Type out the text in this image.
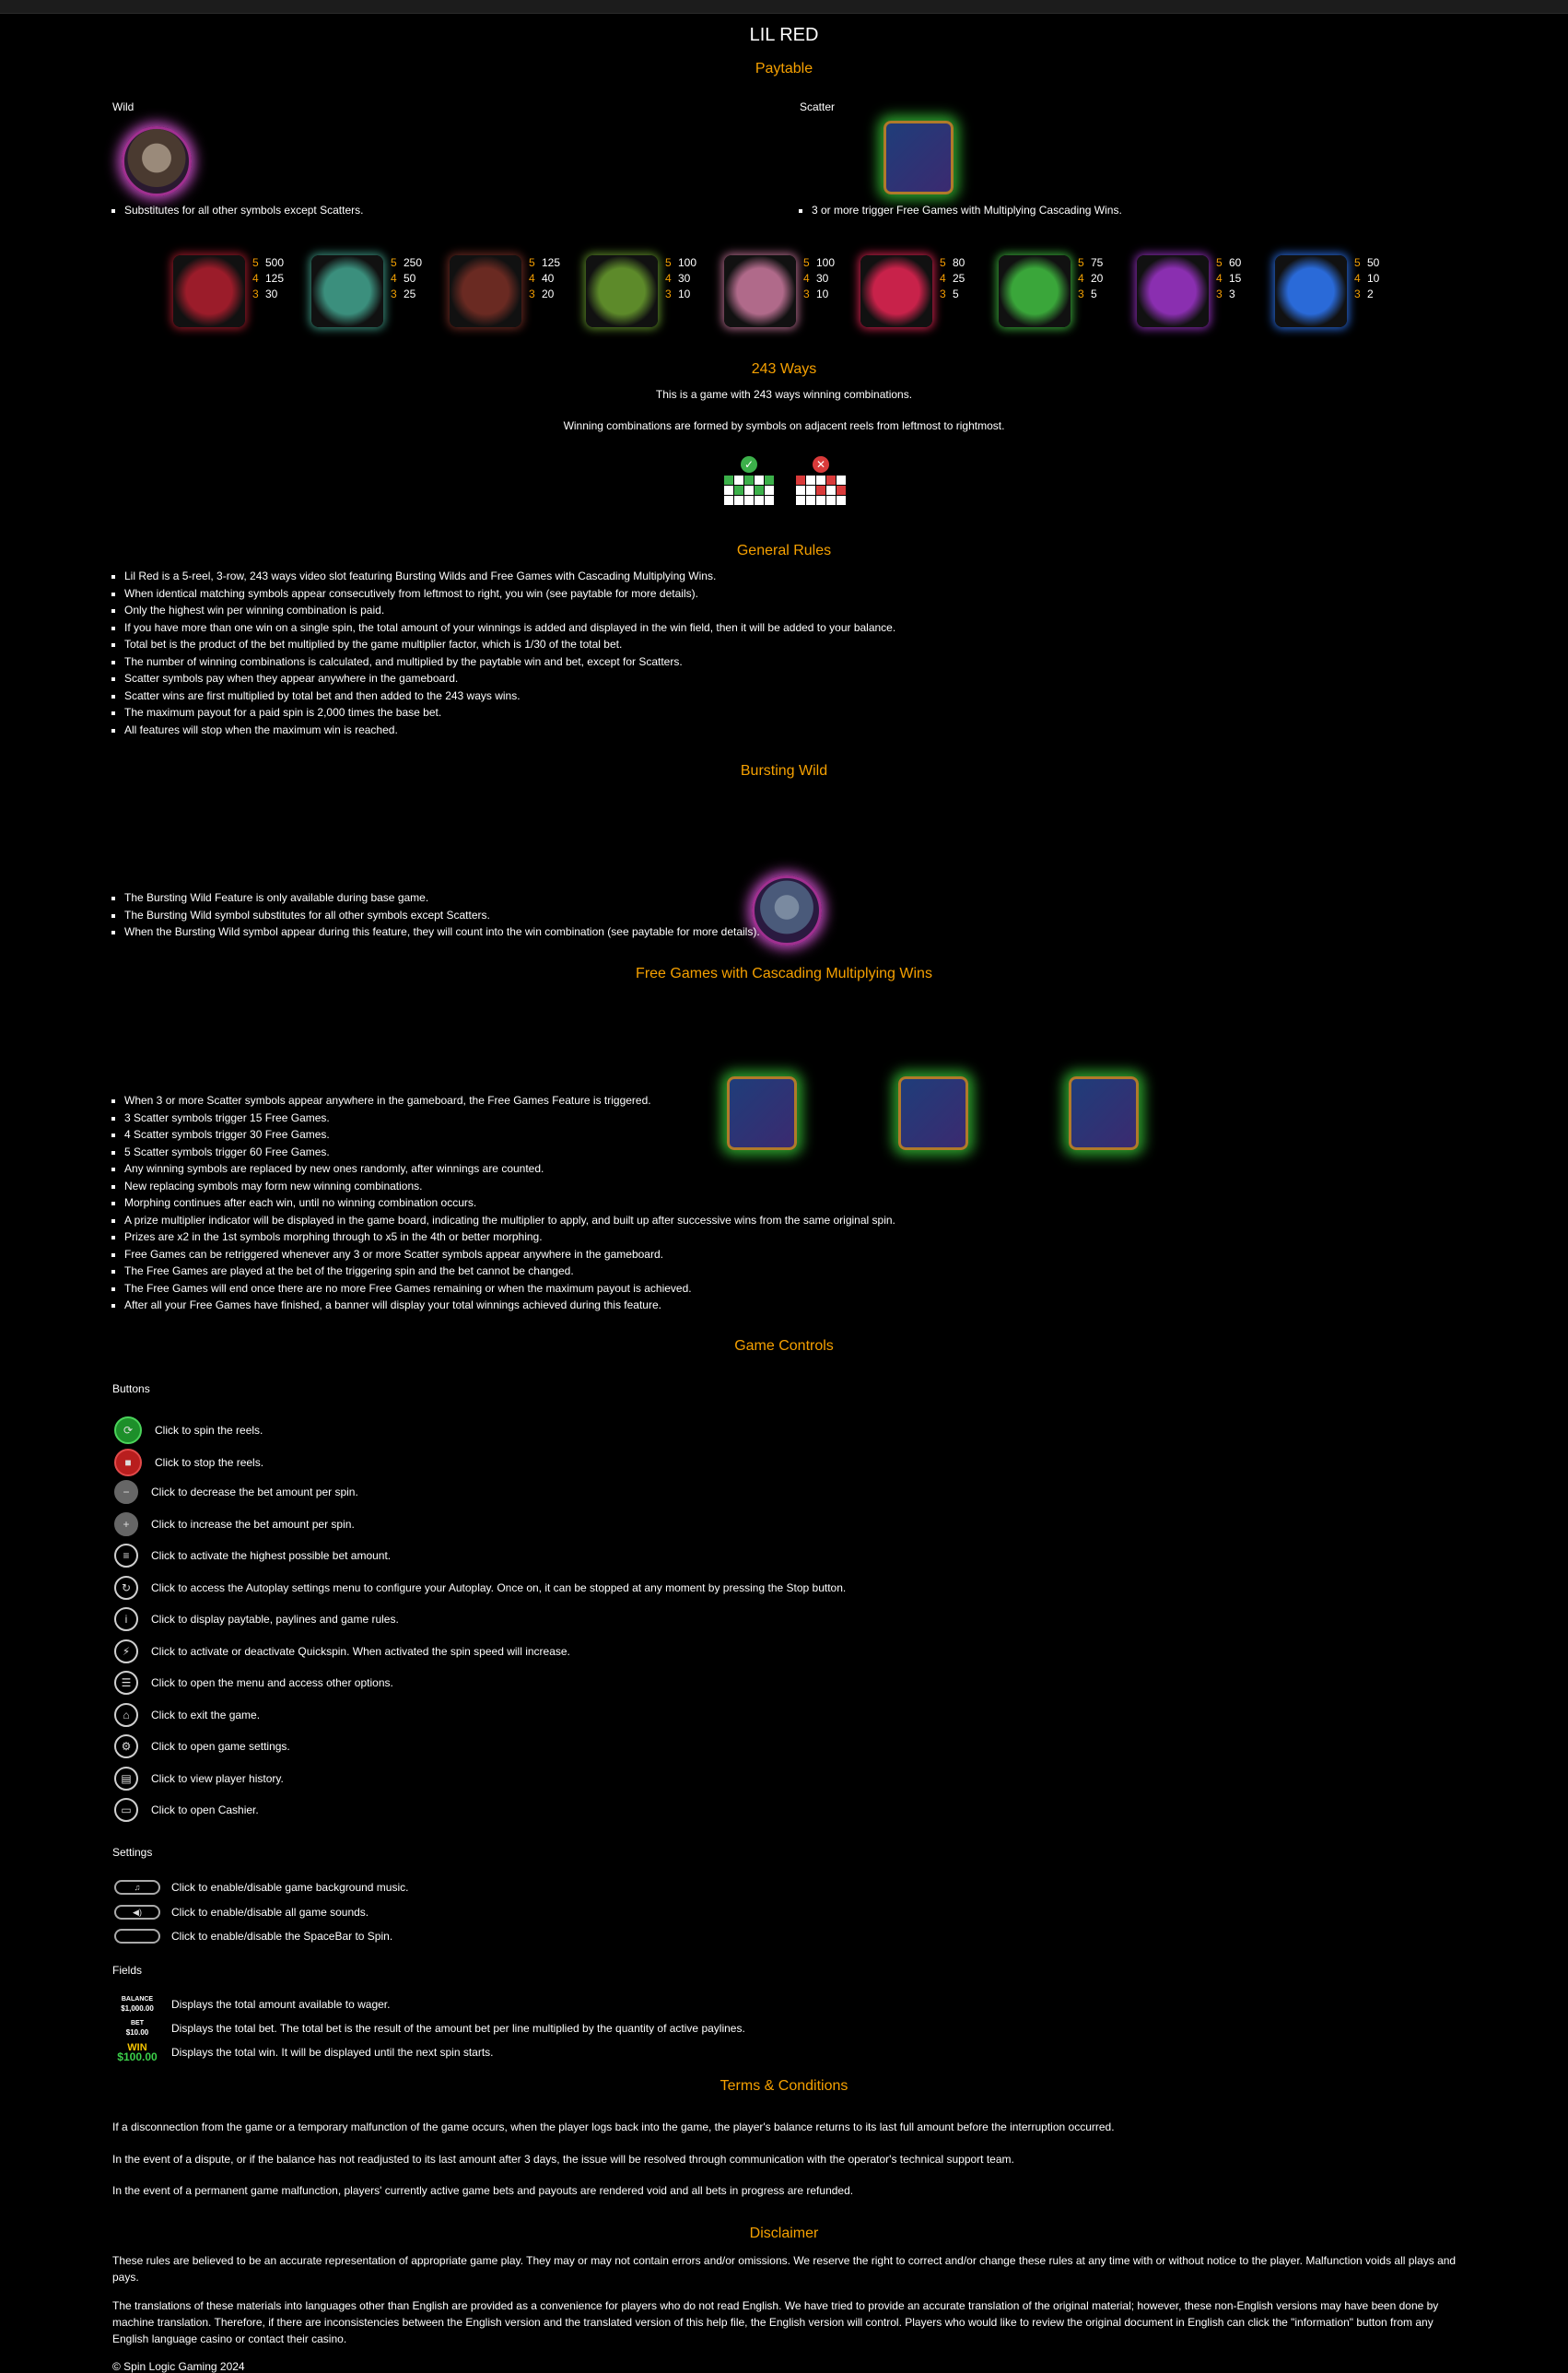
LIL RED
Paytable
Wild

▪ Substitutes for all other symbols except Scatters.
Scatter
▪ 3 or more trigger Free Games with Multiplying Cascading Wins.
5 500
4 125
3 30
5 250
4 50
3 25
5 125
4 40
3 20
5 100
4 30
3 10
5 100
4 30
3 10
5 80
4 25
3 5
5 75
4 20
3 5
5 60
4 15
3 3
5 50
4 10
3 2
243 Ways

This is a game with 243 ways winning combinations.

Winning combinations are formed by symbols on adjacent reels from leftmost to rightmost.

✓	✕
General Rules
▪ Lil Red is a 5-reel, 3-row, 243 ways video slot featuring Bursting Wilds and Free Games with Cascading Multiplying Wins.
▪ When identical matching symbols appear consecutively from leftmost to right, you win (see paytable for more details).
▪ Only the highest win per winning combination is paid.
▪ If you have more than one win on a single spin, the total amount of your winnings is added and displayed in the win field, then it will be added to your balance.
▪ Total bet is the product of the bet multiplied by the game multiplier factor, which is 1/30 of the total bet.
▪ The number of winning combinations is calculated, and multiplied by the paytable win and bet, except for Scatters.
▪ Scatter symbols pay when they appear anywhere in the gameboard.
▪ Scatter wins are first multiplied by total bet and then added to the 243 ways wins.
▪ The maximum payout for a paid spin is 2,000 times the base bet.
▪ All features will stop when the maximum win is reached.
Bursting Wild

▪ The Bursting Wild Feature is only available during base game.
▪ The Bursting Wild symbol substitutes for all other symbols except Scatters.
▪ When the Bursting Wild symbol appear during this feature, they will count into the win combination (see paytable for more details).
Free Games with Cascading Multiplying Wins

▪ When 3 or more Scatter symbols appear anywhere in the gameboard, the Free Games Feature is triggered.
▪ 3 Scatter symbols trigger 15 Free Games.
▪ 4 Scatter symbols trigger 30 Free Games.
▪ 5 Scatter symbols trigger 60 Free Games.
▪ Any winning symbols are replaced by new ones randomly, after winnings are counted.
▪ New replacing symbols may form new winning combinations.
▪ Morphing continues after each win, until no winning combination occurs.
▪ A prize multiplier indicator will be displayed in the game board, indicating the multiplier to apply, and built up after successive wins from the same original spin.
▪ Prizes are x2 in the 1st symbols morphing through to x5 in the 4th or better morphing.
▪ Free Games can be retriggered whenever any 3 or more Scatter symbols appear anywhere in the gameboard.
▪ The Free Games are played at the bet of the triggering spin and the bet cannot be changed.
▪ The Free Games will end once there are no more Free Games remaining or when the maximum payout is achieved.
▪ After all your Free Games have finished, a banner will display your total winnings achieved during this feature.
Game Controls
Buttons
Settings
Fields
Terms & Conditions

If a disconnection from the game or a temporary malfunction of the game occurs, when the player logs back into the game, the player's balance returns to its last full amount before the interruption occurred.

In the event of a dispute, or if the balance has not readjusted to its last amount after 3 days, the issue will be resolved through communication with the operator's technical support team.

In the event of a permanent game malfunction, players' currently active game bets and payouts are rendered void and all bets in progress are refunded.

Disclaimer

These rules are believed to be an accurate representation of appropriate game play. They may or may not contain errors and/or omissions. We reserve the right to correct and/or change these rules at any time with or without notice to the player. Malfunction voids all plays and pays.

The translations of these materials into languages other than English are provided as a convenience for players who do not read English. We have tried to provide an accurate translation of the original material; however, these non-English versions may have been done by machine translation. Therefore, if there are inconsistencies between the English version and the translated version of this help file, the English version will control. Players who would like to review the original document in English can click the "information" button from any English language casino or contact their casino.

© Spin Logic Gaming 2024

⟳	Click to spin the reels.
■	Click to stop the reels.
−	Click to decrease the bet amount per spin.
+	Click to increase the bet amount per spin.
≡	Click to activate the highest possible bet amount.
↻	Click to access the Autoplay settings menu to configure your Autoplay. Once on, it can be stopped at any moment by pressing the Stop button.
i	Click to display paytable, paylines and game rules.
⚡	Click to activate or deactivate Quickspin. When activated the spin speed will increase.
☰	Click to open the menu and access other options.
⌂	Click to exit the game.
⚙	Click to open game settings.
▤	Click to view player history.
▭	Click to open Cashier.
♫	Click to enable/disable game background music.
◀)	Click to enable/disable all game sounds.
Click to enable/disable the SpaceBar to Spin.
BALANCE
$1,000.00	Displays the total amount available to wager.
BET
$10.00	Displays the total bet. The total bet is the result of the amount bet per line multiplied by the quantity of active paylines.
WIN
$100.00 Displays the total win. It will be displayed until the next spin starts.
